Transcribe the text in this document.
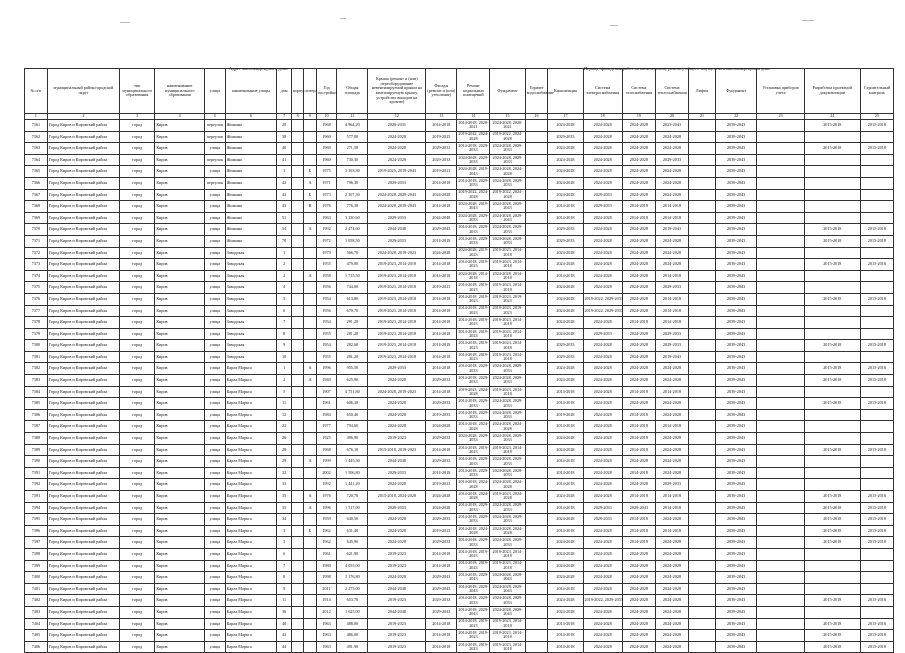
Адрес многоквартирного дома	Период проведения работ по капитальному ремонту общего имущества в многоквартирном доме
№ п/п	муниципальный район/городской округ	тип муниципального образования	наименование муниципального образования	улица	наименование улицы	дом	корпус	литера	Год постройки	Общая площадь	Крыша (ремонт и (или) переоборудование невентилируемой крыши на вентилируемую крышу, устройство выходов на кровлю)	Фасады (ремонт и (или) утепление)	Ремонт подвальных помещений	Фундамент	Горячее водоснабжение	Канализация	Система электроснабжения	Система газоснабжения	Система теплоснабжения	Лифты	Фундамент	Установка приборов учета	Разработка проектной документации	Строительный контроль
1	2	3	4	5	6	7	8	9	10	11	12	13	14	15	16	17	18	19	20	21	22	23	24	25
7361	Город Киров и Кировский район	город	Киров	переулок	Жижина	20			1968	4 964,20	2020-2031	2014-2018	2014-2018, 2020-2021	2024-2028, 2020-2021		2024-2028	2024-2028	2024-2028	2023-2043		2039-2043		2015-2018	2015-2018
7362	Город Киров и Кировский район	город	Киров	переулок	Жижина	38			1960	577,00	2024-2028	2019-2025	2019-2022, 2024-2028	2019-2022, 2024-2028		2029-2033	2024-2028	2024-2028	2024-2028		2039-2043			
7363	Город Киров и Кировский район	город	Киров	улица	Жижина	40			1960	271,50	2024-2028	2029-2031	2014-2018, 2029-2033	2024-2028, 2029-2033		2024-2028	2024-2028	2024-2028	2024-2028		2039-2043		2015-2018	2015-2018
7364	Город Киров и Кировский район	город	Киров	переулок	Жижина	41			1960	730,30	2024-2028	2029-2033	2024-2028, 2029-2033	2024-2028, 2029-2033		2024-2028	2024-2028	2024-2028	2029-2033		2039-2043			
7365	Город Киров и Кировский район	город	Киров	улица	Жижина	1		Б	1975	3 103,30	2019-2025, 2019-2043	2019-2021	2024-2028, 2019-2043	2024-2028, 2024-2028		2024-2028	2024-2028	2024-2028	2024-2028		2039-2043			
7366	Город Киров и Кировский район	город	Киров	переулок	Жижина	42		А	1971	796,30	2029-2033	2014-2018	2014-2018, 2029-2033	2024-2028, 2029-2033		2024-2028	2024-2028	2024-2028	2024-2028		2039-2043			
7367	Город Киров и Кировский район	город	Киров	улица	Жижина	42		Б	1973	2 107,30	2024-2028, 2029-2043	2024-2028	2019-2022, 2024-2028	2019-2022, 2024-2028		2024-2028	2029-2033	2024-2028	2024-2028		2039-2043			
7368	Город Киров и Кировский район	город	Киров	улица	Жижина	43		В	1976	776,30	2024-2028, 2019-2043	2014-2018	2024-2028, 2019-2043	2024-2028, 2029-2043		2014-2018	2029-2033	2014-2018	2014-2018		2039-2043			
7369	Город Киров и Кировский район	город	Киров	улица	Жижина	51			1963	3 230,60	2029-2033	2044-2048	2024-2028, 2029-2033	2024-2028, 2029-2043		2014-2018	2024-2028	2014-2018	2014-2018		2039-2043			
7370	Город Киров и Кировский район	город	Киров	улица	Жижина	54		А	1992	2 474,60	2044-2048	2029-2043	2014-2018, 2029-2033	2024-2028, 2029-2033		2029-2033	2024-2028	2024-2028	2019-2043		2039-2043		2015-2018	2015-2018
7371	Город Киров и Кировский район	город	Киров	улица	Жижина	70			1972	1 058,50	2029-2033	2014-2018	2014-2018, 2029-2033	2024-2028, 2029-2033		2029-2033	2024-2028	2024-2028	2024-2028		2039-2043		2015-2018	2015-2018
7372	Город Киров и Кировский район	город	Киров	улица	Заводская	1			1979	566,70	2024-2028, 2019-2023	2024-2028	2024-2028, 2019-2023	2019-2023, 2014-2018		2024-2028	2024-2028	2024-2028	2024-2028		2039-2043			
7373	Город Киров и Кировский район	город	Киров	улица	Заводская	2			1955	479,00	2019-2023, 2014-2018	2014-2018	2014-2018, 2019-2023	2019-2023, 2014-2018		2024-2028	2024-2028	2024-2028	2024-2028		2039-2043		2015-2018	2015-2018
7374	Город Киров и Кировский район	город	Киров	улица	Заводская	2		А	1958	1 715,30	2019-2023, 2014-2018	2014-2018	2024-2028, 2014-2018	2024-2028, 2014-2018		2014-2018	2024-2028	2024-2028	2014-2018		2039-2043			
7375	Город Киров и Кировский район	город	Киров	улица	Заводская	4			1956	744,00	2019-2023, 2014-2018	2019-2023	2014-2018, 2019-2023	2019-2023, 2014-2018		2024-2028	2024-2028	2024-2028	2029-2033		2039-2043			
7376	Город Киров и Кировский район	город	Киров	улица	Заводская	5			1954	613,80	2019-2023, 2014-2018	2014-2018	2014-2018, 2019-2023	2019-2023, 2019-2023		2024-2028	2019-2022, 2029-2033	2024-2028	2014-2018		2039-2043		2015-2018	2015-2018
7377	Город Киров и Кировский район	город	Киров	улица	Заводская	6			1956	670,70	2019-2023, 2014-2018	2014-2018	2014-2018, 2019-2023	2019-2023, 2019-2023		2024-2028	2019-2022, 2029-2033	2024-2028	2014-2018		2039-2043			
7378	Город Киров и Кировский район	город	Киров	улица	Заводская	7			1954	291,20	2019-2023, 2014-2018	2014-2018	2014-2018, 2019-2023	2019-2023, 2014-2018		2024-2028	2024-2028	2014-2018	2014-2018		2039-2043			
7379	Город Киров и Кировский район	город	Киров	улица	Заводская	8			1955	281,20	2019-2023, 2014-2018	2014-2018	2014-2018, 2019-2023	2019-2023, 2014-2018		2024-2028	2029-2033	2024-2028	2029-2033		2039-2043			
7380	Город Киров и Кировский район	город	Киров	улица	Заводская	9			1954	282,60	2019-2023, 2014-2018	2014-2018	2014-2018, 2019-2023	2019-2023, 2014-2018		2029-2033	2024-2028	2024-2028	2029-2033		2039-2043		2015-2018	2015-2018
7381	Город Киров и Кировский район	город	Киров	улица	Заводская	10			1955	281,20	2019-2023, 2014-2018	2014-2018	2014-2018, 2019-2023	2019-2023, 2014-2018		2029-2033	2024-2028	2024-2028	2019-2043		2039-2043			
7382	Город Киров и Кировский район	город	Киров	улица	Карла Маркса	1		А	1996	955,50	2029-2033	2014-2018	2014-2018, 2029-2033	2024-2028, 2029-2033		2024-2028	2024-2028	2024-2028	2024-2028		2039-2043		2015-2018	2015-2018
7383	Город Киров и Кировский район	город	Киров	улица	Карла Маркса	2		А	1940	625,90	2024-2028	2029-2033	2014-2018, 2029-2033	2024-2028, 2029-2033		2024-2028	2024-2028	2024-2028	2024-2028		2039-2043		2015-2018	2015-2018
7384	Город Киров и Кировский район	город	Киров	улица	Карла Маркса	5			1907	4 751,80	2024-2028, 2019-2023	2014-2018	2019-2023, 2024-2028	2019-2023, 2014-2018		2014-2018	2024-2028	2014-2018	2014-2018		2039-2043			
7385	Город Киров и Кировский район	город	Киров	улица	Карла Маркса	11			1961	606,30	2024-2028	2029-2033	2014-2018, 2029-2033	2024-2028, 2029-2033		2014-2018	2024-2028	2024-2028	2024-2028		2039-2043		2015-2018	2015-2018
7386	Город Киров и Кировский район	город	Киров	улица	Карла Маркса	12			1984	650,40	2024-2028	2019-2033	2014-2018, 2029-2033	2024-2028, 2029-2033		2019-2028	2024-2028	2014-2018	2024-2028		2039-2043			
7387	Город Киров и Кировский район	город	Киров	улица	Карла Маркса	22			1977	794,60	2024-2028	2024-2028	2014-2018, 2024-2028	2024-2028, 2024-2028		2014-2018	2024-2028	2014-2018	2014-2018		2039-2043			
7388	Город Киров и Кировский район	город	Киров	улица	Карла Маркса	26			1925	496,90	2019-2023	2029-2033	2024-2028, 2029-2033	2024-2028, 2029-2033		2024-2028	2024-2028	2014-2018	2024-2028		2039-2043			
7389	Город Киров и Кировский район	город	Киров	улица	Карла Маркса	28			1968	676,10	2015-2018, 2019-2023	2014-2018	2014-2018, 2019-2023	2019-2023, 2014-2018		2024-2028	2024-2028	2014-2018	2024-2028		2039-2043		2015-2018	2015-2018
7390	Город Киров и Кировский район	город	Киров	улица	Карла Маркса	29		А	1999	1 445,30	2044-2048	2029-2033	2014-2018, 2029-2033	2024-2028, 2029-2033		2014-2018	2024-2028	2024-2028	2024-2028		2039-2043			
7391	Город Киров и Кировский район	город	Киров	улица	Карла Маркса	32			2002	1 506,80	2029-2033	2014-2018	2014-2018, 2029-2033	2024-2028, 2029-2033		2014-2018	2024-2028	2014-2018	2024-2028		2039-2043			
7392	Город Киров и Кировский район	город	Киров	улица	Карла Маркса	33			1992	1 441,20	2024-2028	2019-2023	2014-2018, 2024-2028	2024-2028, 2024-2028		2014-2018	2024-2028	2024-2028	2029-2033		2039-2043			
7393	Город Киров и Кировский район	город	Киров	улица	Карла Маркса	35		А	1976	720,70	2015-2018, 2024-2028	2024-2028	2014-2018, 2024-2028	2019-2023, 2024-2028		2024-2028	2024-2028	2014-2018	2014-2018		2039-2043		2015-2018	2015-2018
7394	Город Киров и Кировский район	город	Киров	улица	Карла Маркса	35		А	1996	1 517,00	2029-2033	2024-2028	2014-2018, 2029-2033	2024-2028, 2029-2033		2014-2018	2029-2033	2029-2043	2014-2018		2039-2043		2015-2018	2015-2018
7395	Город Киров и Кировский район	город	Киров	улица	Карла Маркса	34			1959	640,50	2024-2028	2029-2033	2014-2018, 2029-2033	2024-2028, 2029-2033		2024-2028	2029-2033	2014-2018	2024-2028		2039-2043		2015-2018	2015-2018
7396	Город Киров и Кировский район	город	Киров	улица	Карла Маркса	3		Б	1962	631,40	2024-2028	2019-2023	2014-2018, 2024-2028	2024-2028, 2024-2028		2014-2018	2024-2028	2014-2018	2014-2018		2039-2043		2015-2018	2015-2018
7397	Город Киров и Кировский район	город	Киров	улица	Карла Маркса	5			1962	645,90	2024-2028	2029-2033	2014-2018, 2029-2033	2024-2028, 2029-2033		2024-2028	2024-2028	2014-2018	2024-2028		2039-2043		2015-2018	2015-2018
7398	Город Киров и Кировский район	город	Киров	улица	Карла Маркса	6			1961	621,90	2019-2023	2014-2018	2014-2018, 2019-2023	2019-2023, 2014-2018		2024-2028	2024-2028	2024-2028	2024-2028		2039-2043			
7399	Город Киров и Кировский район	город	Киров	улица	Карла Маркса	7			1980	4 055,00	2019-2023	2014-2018	2014-2018, 2019-2023	2019-2023, 2014-2018		2024-2028	2024-2028	2024-2028	2024-2028		2039-2043			
7400	Город Киров и Кировский район	город	Киров	улица	Карла Маркса	8			1998	1 176,80	2024-2028	2029-2043	2014-2018, 2029-2043	2024-2028, 2029-2043		2024-2028	2024-2028	2024-2028	2024-2028		2039-2043			
7401	Город Киров и Кировский район	город	Киров	улица	Карла Маркса	9			2011	2 275,00	2044-2048	2029-2043	2014-2018, 2029-2043	2024-2028, 2029-2043		2014-2018	2024-2028	2024-2028	2024-2028		2039-2043			
7402	Город Киров и Кировский район	город	Киров	улица	Карла Маркса	11			1914	653,70	2019-2023	2029-2033	2014-2018, 2029-2033	2024-2028, 2029-2033		2024-2028	2019-2022, 2029-2033	2024-2028	2024-2028		2039-2043		2015-2018	2015-2018
7403	Город Киров и Кировский район	город	Киров	улица	Карла Маркса	36			2012	1 625,00	2044-2048	2029-2043	2014-2018, 2029-2043	2024-2028, 2029-2043		2024-2028	2024-2028	2024-2028	2024-2028		2039-2043			
7404	Город Киров и Кировский район	город	Киров	улица	Карла Маркса	40			1963	488,00	2019-2023	2014-2018	2014-2018, 2019-2023	2019-2023, 2014-2018		2014-2018	2024-2028	2024-2028	2024-2028		2039-2043		2015-2018	2015-2018
7405	Город Киров и Кировский район	город	Киров	улица	Карла Маркса	42			1963	486,00	2019-2023	2014-2018	2014-2018, 2019-2023	2019-2023, 2014-2018		2014-2018	2024-2028	2024-2028	2024-2028		2039-2043		2015-2018	2015-2018
7406	Город Киров и Кировский район	город	Киров	улица	Карла Маркса	44			1963	491,90	2019-2023	2014-2018	2014-2018, 2019-2023	2019-2023, 2014-2018		2014-2018	2024-2028	2024-2028	2024-2028		2039-2043		2015-2018	2015-2018
